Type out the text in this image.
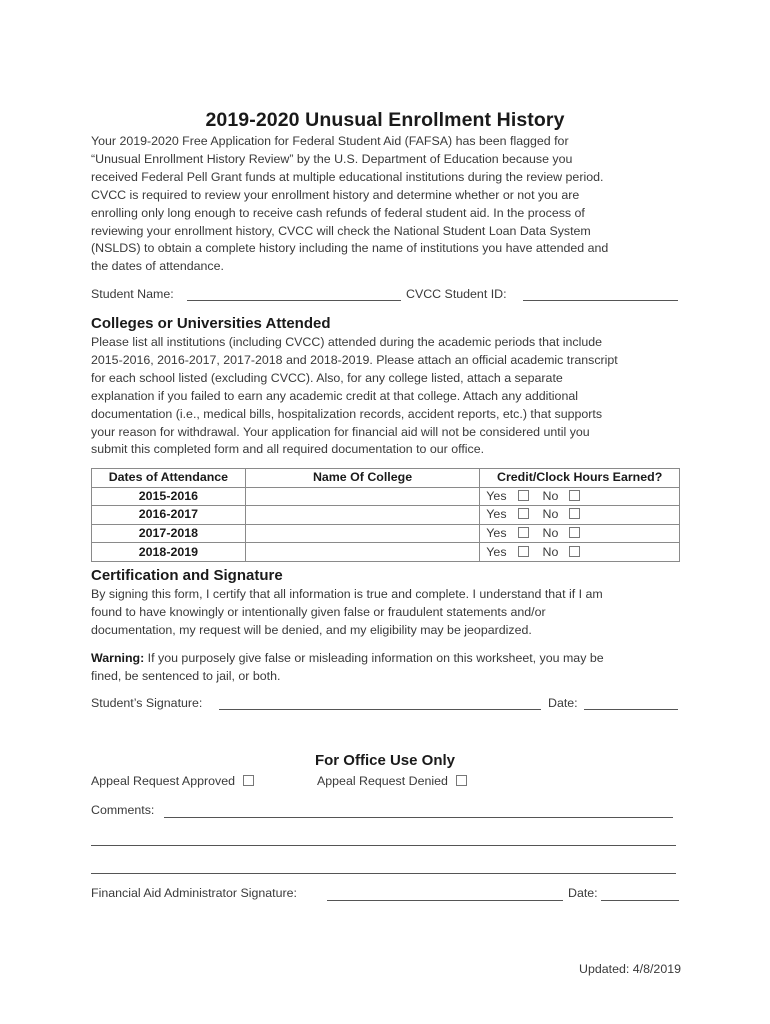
2019-2020 Unusual Enrollment History
Your 2019-2020 Free Application for Federal Student Aid (FAFSA) has been flagged for
“Unusual Enrollment History Review” by the U.S. Department of Education because you
received Federal Pell Grant funds at multiple educational institutions during the review period.
CVCC is required to review your enrollment history and determine whether or not you are
enrolling only long enough to receive cash refunds of federal student aid. In the process of
reviewing your enrollment history, CVCC will check the National Student Loan Data System
(NSLDS) to obtain a complete history including the name of institutions you have attended and
the dates of attendance.
Student Name:	CVCC Student ID:
Colleges or Universities Attended
Please list all institutions (including CVCC) attended during the academic periods that include
2015-2016, 2016-2017, 2017-2018 and 2018-2019. Please attach an official academic transcript
for each school listed (excluding CVCC). Also, for any college listed, attach a separate
explanation if you failed to earn any academic credit at that college. Attach any additional
documentation (i.e., medical bills, hospitalization records, accident reports, etc.) that supports
your reason for withdrawal. Your application for financial aid will not be considered until you
submit this completed form and all required documentation to our office.
Dates of Attendance	Name Of College	Credit/Clock Hours Earned?
2015-2016		Yes No
2016-2017		Yes No
2017-2018		Yes No
2018-2019		Yes No
Certification and Signature
By signing this form, I certify that all information is true and complete. I understand that if I am
found to have knowingly or intentionally given false or fraudulent statements and/or
documentation, my request will be denied, and my eligibility may be jeopardized.
Warning: If you purposely give false or misleading information on this worksheet, you may be
fined, be sentenced to jail, or both.
Student’s Signature:	Date:
For Office Use Only
Appeal Request Approved	Appeal Request Denied
Comments:
Financial Aid Administrator Signature:	Date:
Updated: 4/8/2019
